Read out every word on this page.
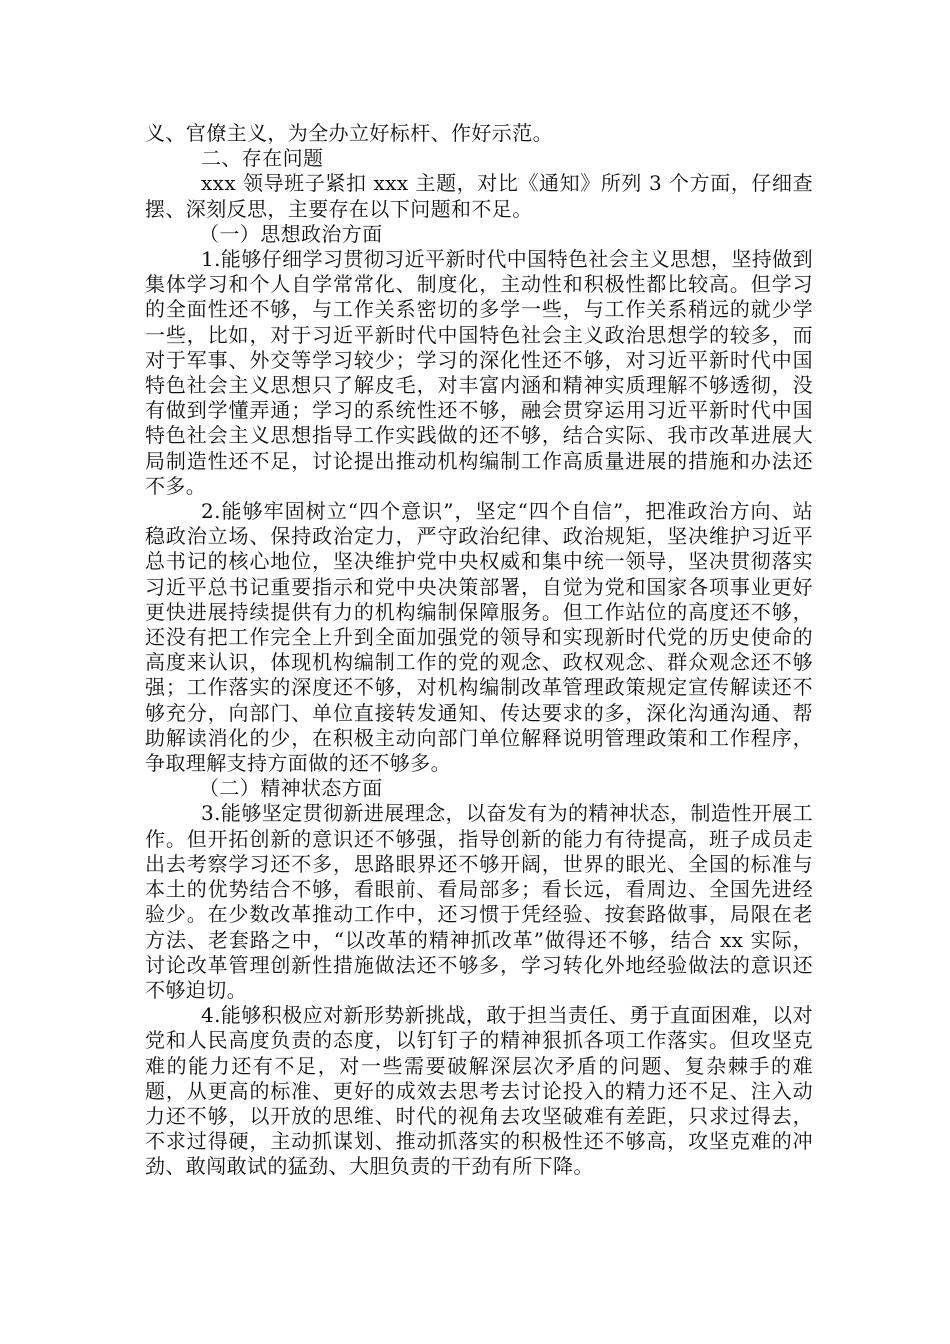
义、官僚主义，为全办立好标杆、作好示范。

二、存在问题

xxx 领导班子紧扣 xxx 主题，对比《通知》所列 3 个方面，仔细查摆、深刻反思，主要存在以下问题和不足。

（一）思想政治方面

1.能够仔细学习贯彻习近平新时代中国特色社会主义思想，坚持做到集体学习和个人自学常常化、制度化，主动性和积极性都比较高。但学习的全面性还不够，与工作关系密切的多学一些，与工作关系稍远的就少学一些，比如，对于习近平新时代中国特色社会主义政治思想学的较多，而对于军事、外交等学习较少；学习的深化性还不够，对习近平新时代中国特色社会主义思想只了解皮毛，对丰富内涵和精神实质理解不够透彻，没有做到学懂弄通；学习的系统性还不够，融会贯穿运用习近平新时代中国特色社会主义思想指导工作实践做的还不够，结合实际、我市改革进展大局制造性还不足，讨论提出推动机构编制工作高质量进展的措施和办法还不多。

2.能够牢固树立“四个意识”，坚定“四个自信”，把准政治方向、站稳政治立场、保持政治定力，严守政治纪律、政治规矩，坚决维护习近平总书记的核心地位，坚决维护党中央权威和集中统一领导，坚决贯彻落实习近平总书记重要指示和党中央决策部署，自觉为党和国家各项事业更好更快进展持续提供有力的机构编制保障服务。但工作站位的高度还不够，还没有把工作完全上升到全面加强党的领导和实现新时代党的历史使命的高度来认识，体现机构编制工作的党的观念、政权观念、群众观念还不够强；工作落实的深度还不够，对机构编制改革管理政策规定宣传解读还不够充分，向部门、单位直接转发通知、传达要求的多，深化沟通沟通、帮助解读消化的少，在积极主动向部门单位解释说明管理政策和工作程序，争取理解支持方面做的还不够多。

（二）精神状态方面

3.能够坚定贯彻新进展理念，以奋发有为的精神状态，制造性开展工作。但开拓创新的意识还不够强，指导创新的能力有待提高，班子成员走出去考察学习还不多，思路眼界还不够开阔，世界的眼光、全国的标准与本土的优势结合不够，看眼前、看局部多；看长远，看周边、全国先进经验少。在少数改革推动工作中，还习惯于凭经验、按套路做事，局限在老方法、老套路之中，“以改革的精神抓改革”做得还不够，结合 xx 实际，讨论改革管理创新性措施做法还不够多，学习转化外地经验做法的意识还不够迫切。

4.能够积极应对新形势新挑战，敢于担当责任、勇于直面困难，以对党和人民高度负责的态度，以钉钉子的精神狠抓各项工作落实。但攻坚克难的能力还有不足，对一些需要破解深层次矛盾的问题、复杂棘手的难题，从更高的标准、更好的成效去思考去讨论投入的精力还不足、注入动力还不够，以开放的思维、时代的视角去攻坚破难有差距，只求过得去，不求过得硬，主动抓谋划、推动抓落实的积极性还不够高，攻坚克难的冲劲、敢闯敢试的猛劲、大胆负责的干劲有所下降。
